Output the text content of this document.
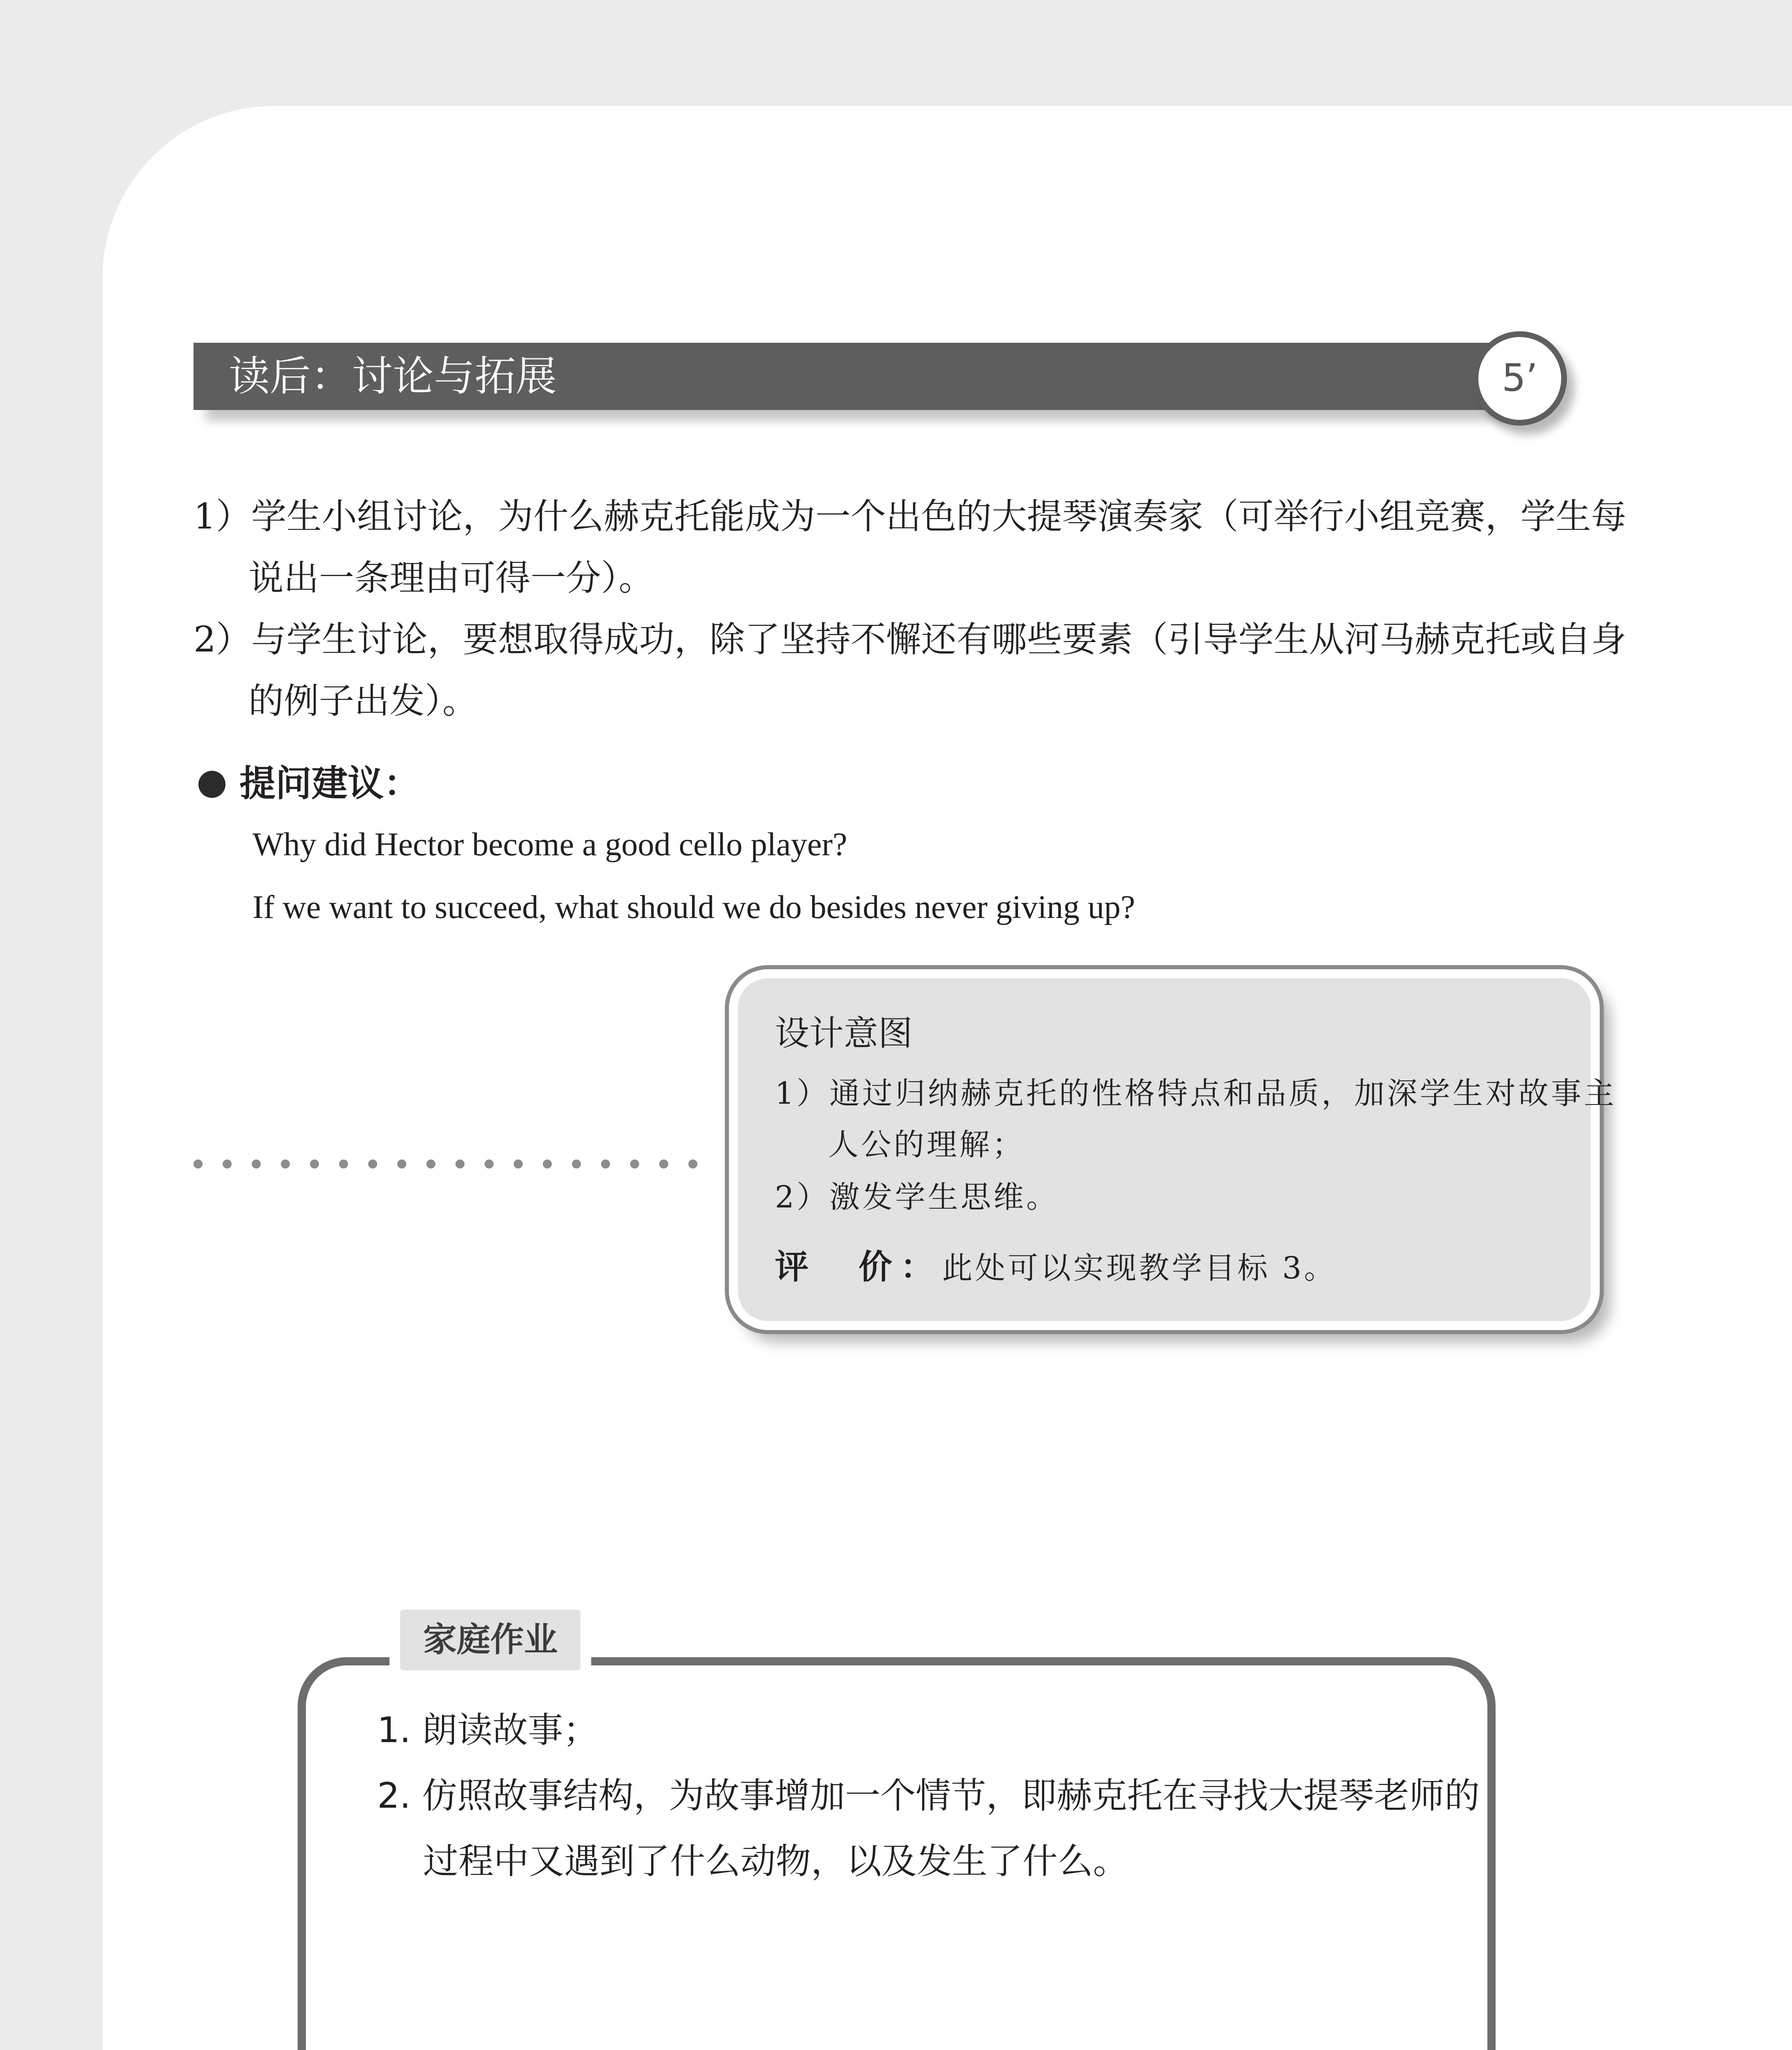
读后：讨论与拓展	5’
1）学生小组讨论，为什么赫克托能成为一个出色的大提琴演奏家（可举行小组竞赛，学生每说出一条理由可得一分）。
2）与学生讨论，要想取得成功，除了坚持不懈还有哪些要素（引导学生从河马赫克托或自身的例子出发）。
提问建议：
Why did Hector become a good cello player?
If we want to succeed, what should we do besides never giving up?
设计意图
1）通过归纳赫克托的性格特点和品质，加深学生对故事主人公的理解；
2）激发学生思维。
评　价：此处可以实现教学目标 3。
家庭作业
1. 朗读故事；
2. 仿照故事结构，为故事增加一个情节，即赫克托在寻找大提琴老师的过程中又遇到了什么动物，以及发生了什么。
